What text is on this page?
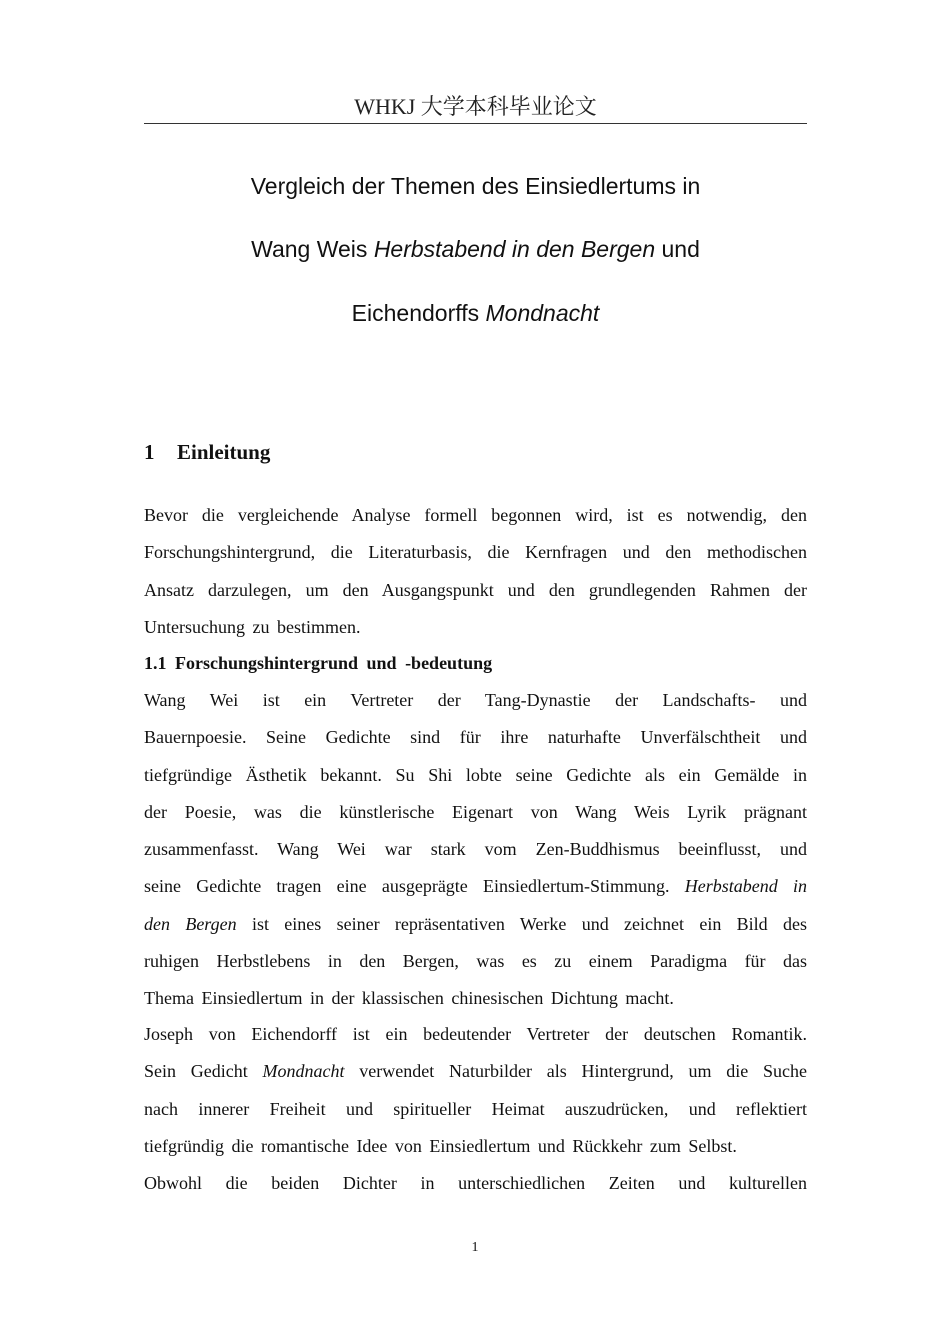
WHKJ 大学本科毕业论文
Vergleich der Themen des Einsiedlertums in
Wang Weis Herbstabend in den Bergen und
Eichendorffs Mondnacht
1 Einleitung
Bevor die vergleichende Analyse formell begonnen wird, ist es notwendig, den
Forschungshintergrund, die Literaturbasis, die Kernfragen und den methodischen
Ansatz darzulegen, um den Ausgangspunkt und den grundlegenden Rahmen der
Untersuchung zu bestimmen.
1.1 Forschungshintergrund und -bedeutung
Wang Wei ist ein Vertreter der Tang-Dynastie der Landschafts- und
Bauernpoesie. Seine Gedichte sind für ihre naturhafte Unverfälschtheit und
tiefgründige Ästhetik bekannt. Su Shi lobte seine Gedichte als ein Gemälde in
der Poesie, was die künstlerische Eigenart von Wang Weis Lyrik prägnant
zusammenfasst. Wang Wei war stark vom Zen-Buddhismus beeinflusst, und
seine Gedichte tragen eine ausgeprägte Einsiedlertum-Stimmung. Herbstabend in
den Bergen ist eines seiner repräsentativen Werke und zeichnet ein Bild des
ruhigen Herbstlebens in den Bergen, was es zu einem Paradigma für das
Thema Einsiedlertum in der klassischen chinesischen Dichtung macht.
Joseph von Eichendorff ist ein bedeutender Vertreter der deutschen Romantik.
Sein Gedicht Mondnacht verwendet Naturbilder als Hintergrund, um die Suche
nach innerer Freiheit und spiritueller Heimat auszudrücken, und reflektiert
tiefgründig die romantische Idee von Einsiedlertum und Rückkehr zum Selbst.
Obwohl die beiden Dichter in unterschiedlichen Zeiten und kulturellen
1
